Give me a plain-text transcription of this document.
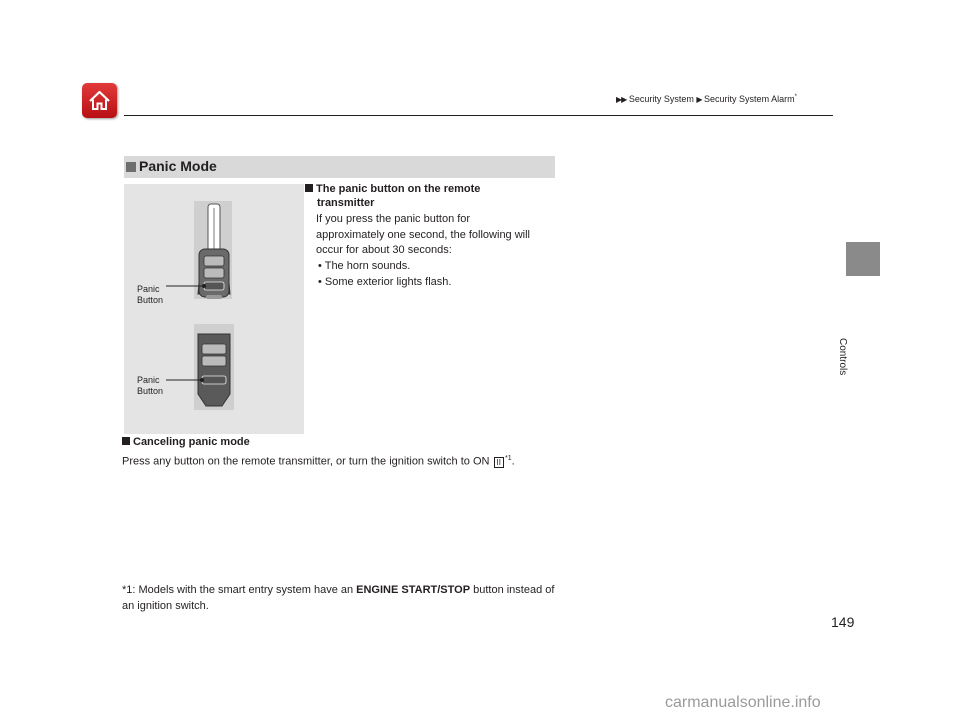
▶▶ Security System ▶ Security System Alarm*
Controls
Panic Mode
Panic
Button
Panic
Button
The panic button on the remote
transmitter
If you press the panic button for
approximately one second, the following will
occur for about 30 seconds:
• The horn sounds.
• Some exterior lights flash.
Canceling panic mode
Press any button on the remote transmitter, or turn the ignition switch to ON II $^{*1}$.
*1: Models with the smart entry system have an ENGINE START/STOP button instead of an ignition switch.
149
carmanualsonline.info
